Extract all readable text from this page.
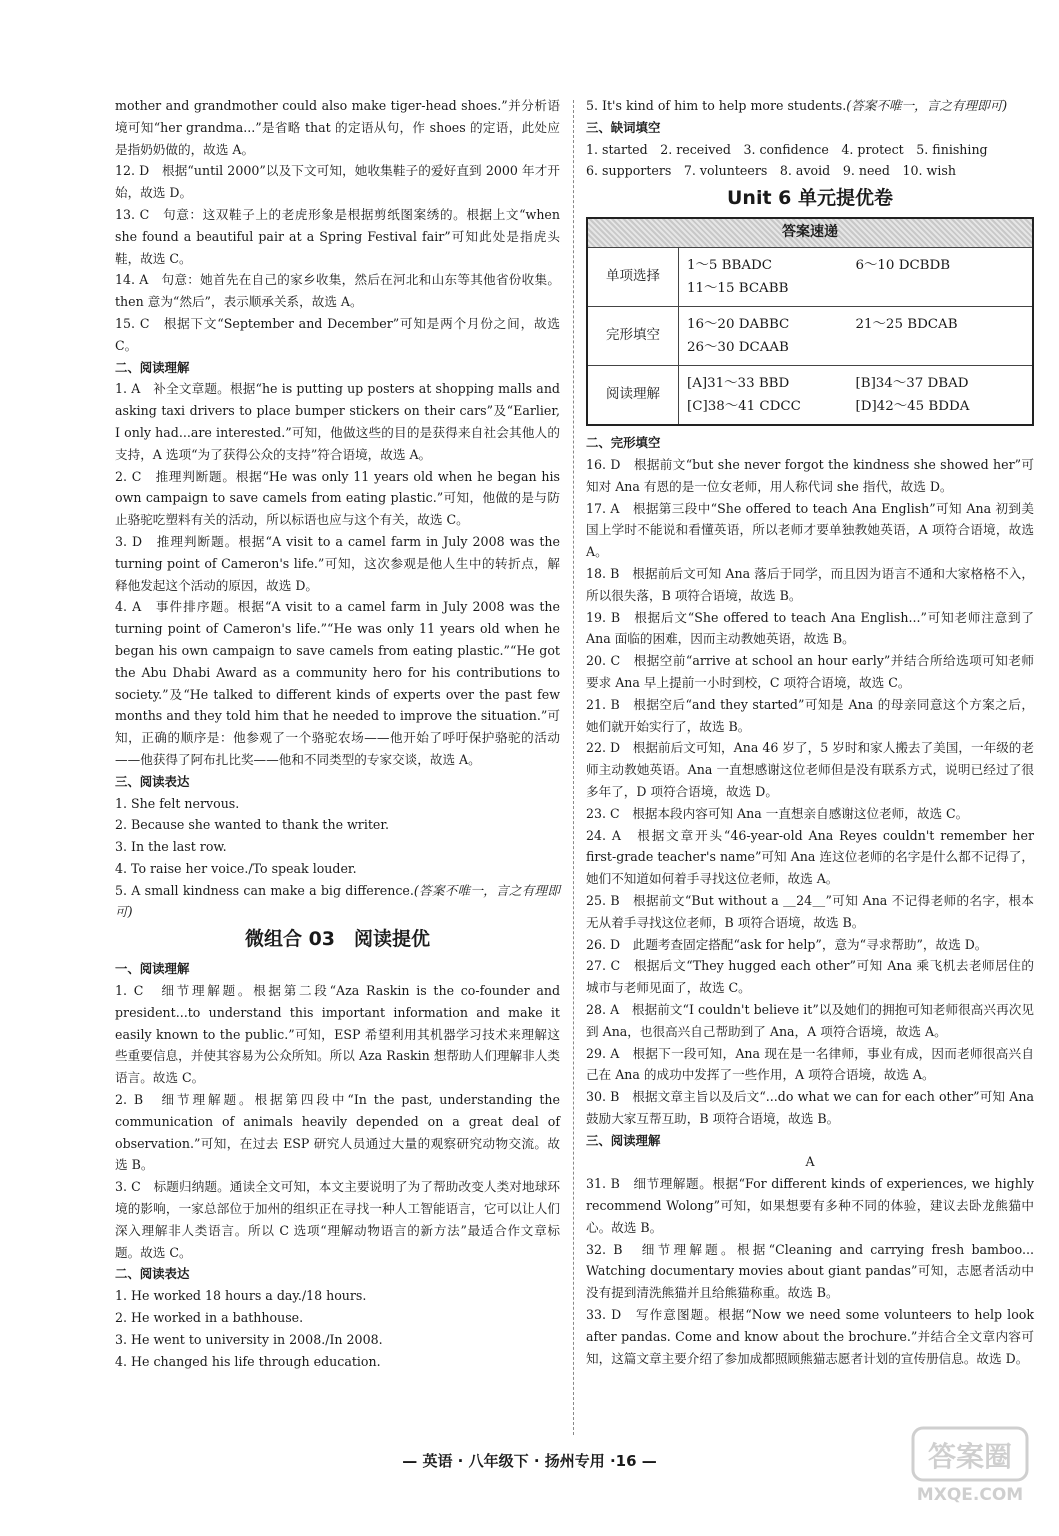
mother and grandmother could also make tiger-head shoes.”并分析语境可知“her grandma...”是省略 that 的定语从句，作 shoes 的定语，此处应是指奶奶做的，故选 A。

12. D　根据“until 2000”以及下文可知，她收集鞋子的爱好直到 2000 年才开始，故选 D。

13. C　句意：这双鞋子上的老虎形象是根据剪纸图案绣的。根据上文“when she found a beautiful pair at a Spring Festival fair”可知此处是指虎头鞋，故选 C。

14. A　句意：她首先在自己的家乡收集，然后在河北和山东等其他省份收集。then 意为“然后”，表示顺承关系，故选 A。

15. C　根据下文“September and December”可知是两个月份之间，故选 C。

二、阅读理解

1. A　补全文章题。根据“he is putting up posters at shopping malls and asking taxi drivers to place bumper stickers on their cars”及“Earlier, I only had...are interested.”可知，他做这些的目的是获得来自社会其他人的支持，A 选项“为了获得公众的支持”符合语境，故选 A。

2. C　推理判断题。根据“He was only 11 years old when he began his own campaign to save camels from eating plastic.”可知，他做的是与防止骆驼吃塑料有关的活动，所以标语也应与这个有关，故选 C。

3. D　推理判断题。根据“A visit to a camel farm in July 2008 was the turning point of Cameron's life.”可知，这次参观是他人生中的转折点，解释他发起这个活动的原因，故选 D。

4. A　事件排序题。根据“A visit to a camel farm in July 2008 was the turning point of Cameron's life.”“He was only 11 years old when he began his own campaign to save camels from eating plastic.”“He got the Abu Dhabi Award as a community hero for his contributions to society.”及“He talked to different kinds of experts over the past few months and they told him that he needed to improve the situation.”可知，正确的顺序是：他参观了一个骆驼农场——他开始了呼吁保护骆驼的活动——他获得了阿布扎比奖——他和不同类型的专家交谈，故选 A。

三、阅读表达

1. She felt nervous.

2. Because she wanted to thank the writer.

3. In the last row.

4. To raise her voice./To speak louder.

5. A small kindness can make a big difference.(答案不唯一，言之有理即可)

微组合 03　阅读提优
一、阅读理解

1. C　细节理解题。根据第二段“Aza Raskin is the co-founder and president...to understand this important information and make it easily known to the public.”可知，ESP 希望利用其机器学习技术来理解这些重要信息，并使其容易为公众所知。所以 Aza Raskin 想帮助人们理解非人类语言。故选 C。

2. B　细节理解题。根据第四段中“In the past, understanding the communication of animals heavily depended on a great deal of observation.”可知，在过去 ESP 研究人员通过大量的观察研究动物交流。故选 B。

3. C　标题归纳题。通读全文可知，本文主要说明了为了帮助改变人类对地球环境的影响，一家总部位于加州的组织正在寻找一种人工智能语言，它可以让人们深入理解非人类语言。所以 C 选项“理解动物语言的新方法”最适合作文章标题。故选 C。

二、阅读表达

1. He worked 18 hours a day./18 hours.

2. He worked in a bathhouse.

3. He went to university in 2008./In 2008.

4. He changed his life through education.

5. It's kind of him to help more students.(答案不唯一，言之有理即可)

三、缺词填空

1. started　2. received　3. confidence　4. protect　5. finishing

6. supporters　7. volunteers　8. avoid　9. need　10. wish

Unit 6 单元提优卷
答案速递	
单项选择	1～5 BBADC 6～10 DCBDB
11～15 BCABB

完形填空	16～20 DABBC 21～25 BDCAB
26～30 DCAAB

阅读理解	[A]31～33 BBD [B]34～37 DBAD
[C]38～41 CDCC [D]42～45 BDDA
二、完形填空

16. D　根据前文“but she never forgot the kindness she showed her”可知对 Ana 有恩的是一位女老师，用人称代词 she 指代，故选 D。

17. A　根据第三段中“She offered to teach Ana English”可知 Ana 初到美国上学时不能说和看懂英语，所以老师才要单独教她英语，A 项符合语境，故选 A。

18. B　根据前后文可知 Ana 落后于同学，而且因为语言不通和大家格格不入，所以很失落，B 项符合语境，故选 B。

19. B　根据后文“She offered to teach Ana English...”可知老师注意到了 Ana 面临的困难，因而主动教她英语，故选 B。

20. C　根据空前“arrive at school an hour early”并结合所给选项可知老师要求 Ana 早上提前一小时到校，C 项符合语境，故选 C。

21. B　根据空后“and they started”可知是 Ana 的母亲同意这个方案之后，她们就开始实行了，故选 B。

22. D　根据前后文可知，Ana 46 岁了，5 岁时和家人搬去了美国，一年级的老师主动教她英语。Ana 一直想感谢这位老师但是没有联系方式，说明已经过了很多年了，D 项符合语境，故选 D。

23. C　根据本段内容可知 Ana 一直想亲自感谢这位老师，故选 C。

24. A　根据文章开头“46-year-old Ana Reyes couldn't remember her first-grade teacher's name”可知 Ana 连这位老师的名字是什么都不记得了，她们不知道如何着手寻找这位老师，故选 A。

25. B　根据前文“But without a ＿24＿”可知 Ana 不记得老师的名字，根本无从着手寻找这位老师，B 项符合语境，故选 B。

26. D　此题考查固定搭配“ask for help”，意为“寻求帮助”，故选 D。

27. C　根据后文“They hugged each other”可知 Ana 乘飞机去老师居住的城市与老师见面了，故选 C。

28. A　根据前文“I couldn't believe it”以及她们的拥抱可知老师很高兴再次见到 Ana，也很高兴自己帮助到了 Ana，A 项符合语境，故选 A。

29. A　根据下一段可知，Ana 现在是一名律师，事业有成，因而老师很高兴自己在 Ana 的成功中发挥了一些作用，A 项符合语境，故选 A。

30. B　根据文章主旨以及后文“...do what we can for each other”可知 Ana 鼓励大家互帮互助，B 项符合语境，故选 B。

三、阅读理解
A

31. B　细节理解题。根据“For different kinds of experiences, we highly recommend Wolong”可知，如果想要有多种不同的体验，建议去卧龙熊猫中心。故选 B。

32. B　细节理解题。根据“Cleaning and carrying fresh bamboo... Watching documentary movies about giant pandas”可知，志愿者活动中没有提到清洗熊猫并且给熊猫称重。故选 B。

33. D　写作意图题。根据“Now we need some volunteers to help look after pandas. Come and know about the brochure.”并结合全文章内容可知，这篇文章主要介绍了参加成都照顾熊猫志愿者计划的宣传册信息。故选 D。

— 英语 · 八年级下 · 扬州专用 ·16 —	答案圈
MXQE.COM
